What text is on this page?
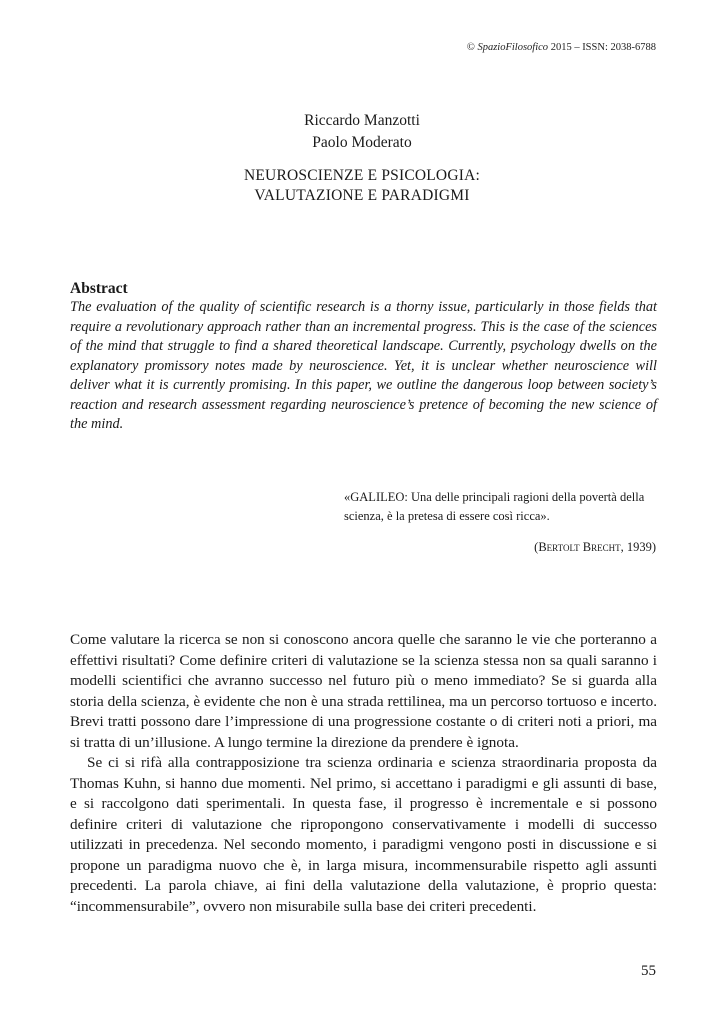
© SpazioFilosofico 2015 – ISSN: 2038-6788
Riccardo Manzotti
Paolo Moderato
NEUROSCIENZE E PSICOLOGIA:
VALUTAZIONE E PARADIGMI
Abstract
The evaluation of the quality of scientific research is a thorny issue, particularly in those fields that require a revolutionary approach rather than an incremental progress. This is the case of the sciences of the mind that struggle to find a shared theoretical landscape. Currently, psychology dwells on the explanatory promissory notes made by neuroscience. Yet, it is unclear whether neuroscience will deliver what it is currently promising. In this paper, we outline the dangerous loop between society’s reaction and research assessment regarding neuroscience’s pretence of becoming the new science of the mind.
«GALILEO: Una delle principali ragioni della povertà della scienza, è la pretesa di essere così ricca».
(Bertolt Brecht, 1939)

Come valutare la ricerca se non si conoscono ancora quelle che saranno le vie che porteranno a effettivi risultati? Come definire criteri di valutazione se la scienza stessa non sa quali saranno i modelli scientifici che avranno successo nel futuro più o meno immediato? Se si guarda alla storia della scienza, è evidente che non è una strada rettilinea, ma un percorso tortuoso e incerto. Brevi tratti possono dare l’impressione di una progressione costante o di criteri noti a priori, ma si tratta di un’illusione. A lungo termine la direzione da prendere è ignota.

Se ci si rifà alla contrapposizione tra scienza ordinaria e scienza straordinaria proposta da Thomas Kuhn, si hanno due momenti. Nel primo, si accettano i paradigmi e gli assunti di base, e si raccolgono dati sperimentali. In questa fase, il progresso è incrementale e si possono definire criteri di valutazione che ripropongono conservativamente i modelli di successo utilizzati in precedenza. Nel secondo momento, i paradigmi vengono posti in discussione e si propone un paradigma nuovo che è, in larga misura, incommensurabile rispetto agli assunti precedenti. La parola chiave, ai fini della valutazione della valutazione, è proprio questa: “incommensurabile”, ovvero non misurabile sulla base dei criteri precedenti.

55
